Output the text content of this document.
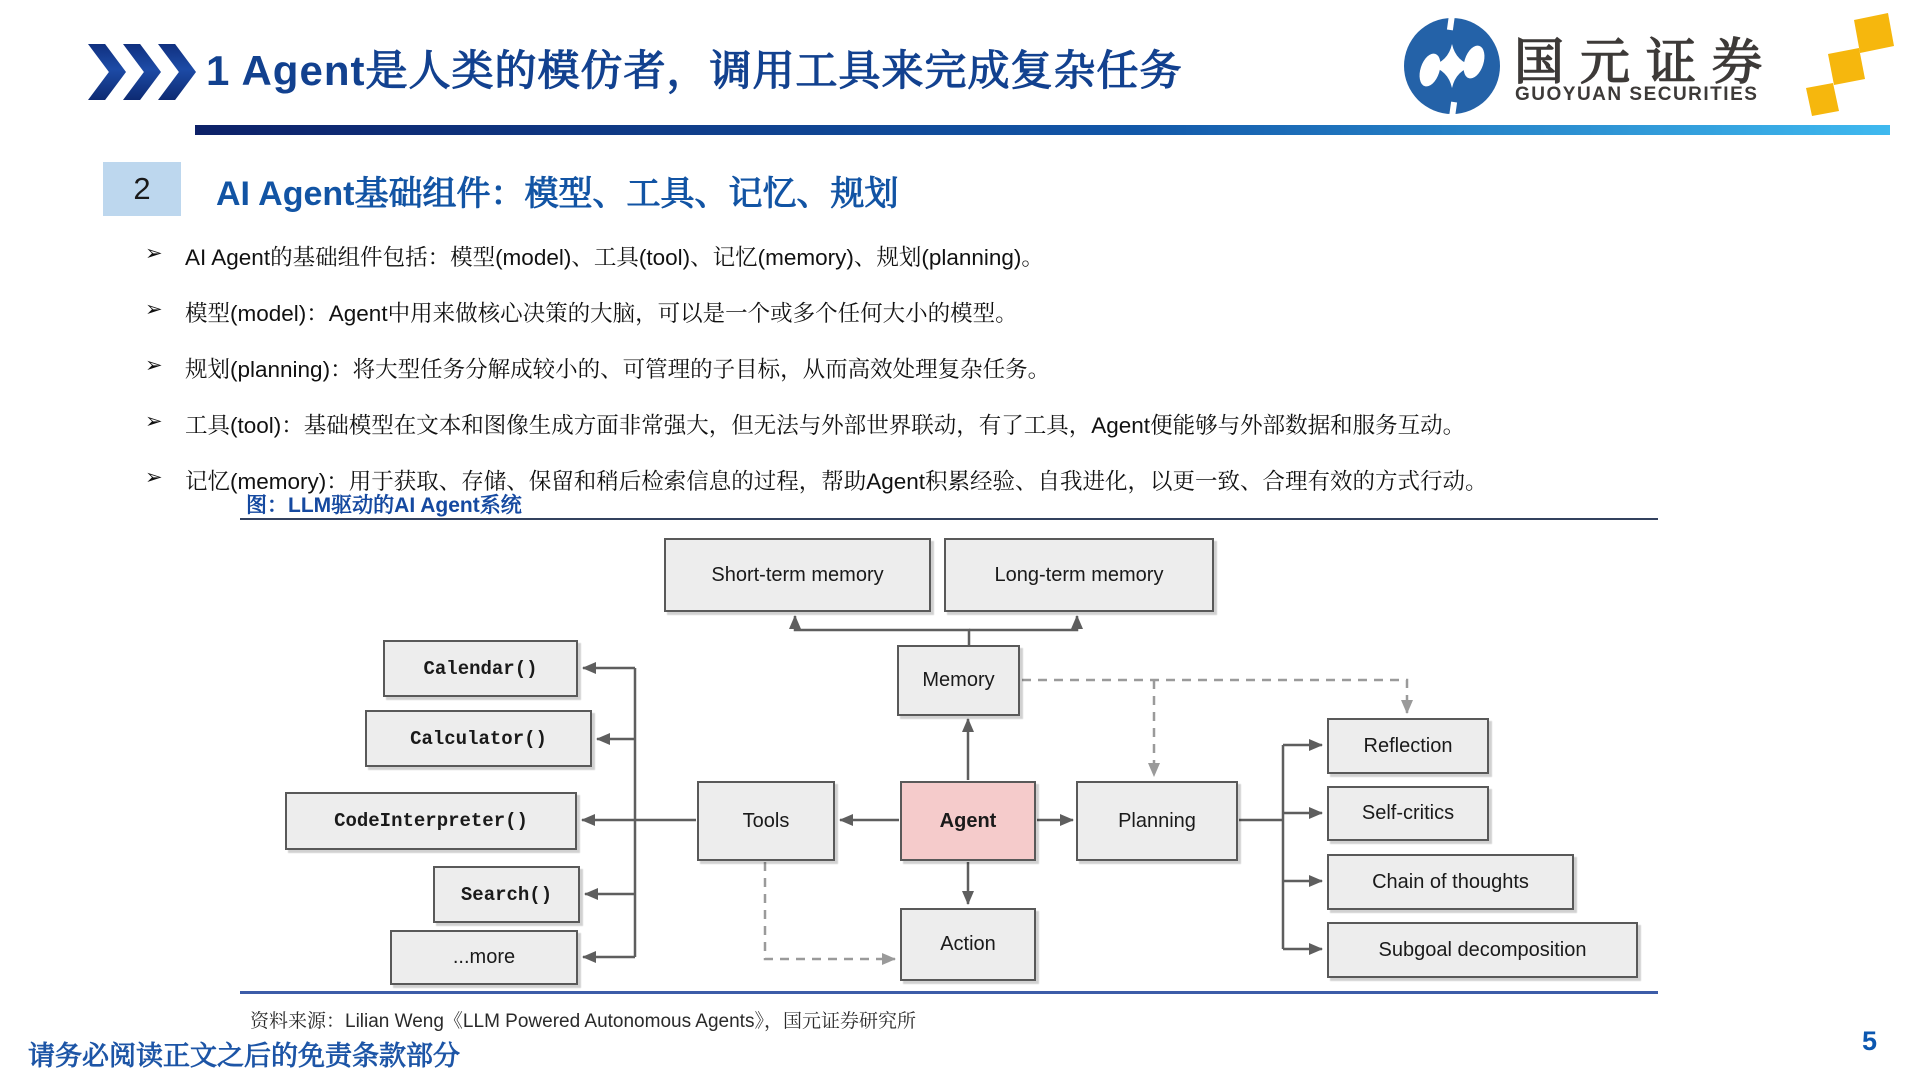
1 Agent是人类的模仿者，调用工具来完成复杂任务	国元证券
GUOYUAN SECURITIES
2	AI Agent基础组件：模型、工具、记忆、规划
➢ AI Agent的基础组件包括：模型(model)、工具(tool)、记忆(memory)、规划(planning)。
➢ 模型(model)：Agent中用来做核心决策的大脑，可以是一个或多个任何大小的模型。
➢ 规划(planning)：将大型任务分解成较小的、可管理的子目标，从而高效处理复杂任务。
➢ 工具(tool)：基础模型在文本和图像生成方面非常强大，但无法与外部世界联动，有了工具，Agent便能够与外部数据和服务互动。
➢ 记忆(memory)：用于获取、存储、保留和稍后检索信息的过程，帮助Agent积累经验、自我进化，以更一致、合理有效的方式行动。
图：LLM驱动的AI Agent系统
Short-term memory	Long-term memory
Memory
Calendar()
Calculator()
CodeInterpreter()
Search()
...more
Tools	Agent	Planning
Action
Reflection
Self-critics
Chain of thoughts
Subgoal decomposition
资料来源：Lilian Weng《LLM Powered Autonomous Agents》，国元证券研究所
请务必阅读正文之后的免责条款部分	5
